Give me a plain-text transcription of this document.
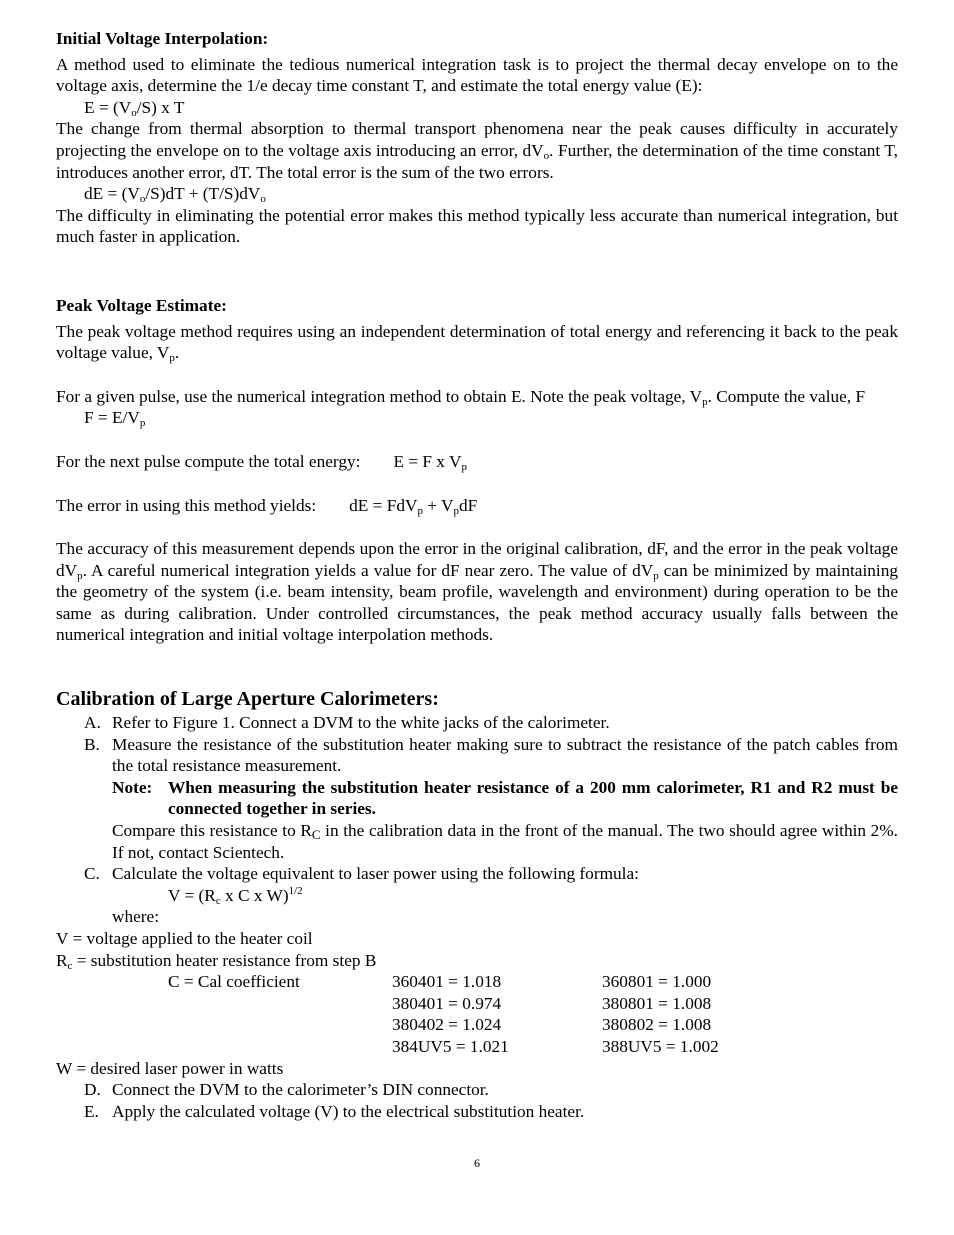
Initial Voltage Interpolation:

A method used to eliminate the tedious numerical integration task is to project the thermal decay envelope on to the voltage axis, determine the 1/e decay time constant T, and estimate the total energy value (E):

$E = (V_o/S)$ x T

The change from thermal absorption to thermal transport phenomena near the peak causes difficulty in accurately projecting the envelope on to the voltage axis introducing an error, $dV_o$. Further, the determination of the time constant T, introduces another error, dT. The total error is the sum of the two errors.

dE = $(V_o/S)dT + (T/S)dV_o$

The difficulty in eliminating the potential error makes this method typically less accurate than numerical integration, but much faster in application.

Peak Voltage Estimate:

The peak voltage method requires using an independent determination of total energy and referencing it back to the peak voltage value, $V_p$.

For a given pulse, use the numerical integration method to obtain E. Note the peak voltage, $V_p$. Compute the value, F

$F = E/V_p$

For the next pulse compute the total energy: E = F x $V_p$

The error in using this method yields: dE = $FdV_p + V_pdF$

The accuracy of this measurement depends upon the error in the original calibration, dF, and the error in the peak voltage $dV_p$. A careful numerical integration yields a value for dF near zero. The value of $dV_p$ can be minimized by maintaining the geometry of the system (i.e. beam intensity, beam profile, wavelength and environment) during operation to be the same as during calibration. Under controlled circumstances, the peak method accuracy usually falls between the numerical integration and initial voltage interpolation methods.

Calibration of Large Aperture Calorimeters:

A. Refer to Figure 1. Connect a DVM to the white jacks of the calorimeter.
B. Measure the resistance of the substitution heater making sure to subtract the resistance of the patch cables from the total resistance measurement.
Note: When measuring the substitution heater resistance of a 200 mm calorimeter, R1 and R2 must be connected together in series.

Compare this resistance to $R_C$ in the calibration data in the front of the manual. The two should agree within 2%. If not, contact Scientech.

C. Calculate the voltage equivalent to laser power using the following formula:

$V = (R_c$ x C x W)$^{1/2}$

where:

V = voltage applied to the heater coil

$R_c$ = substitution heater resistance from step B

C = Cal coefficient	360401 = 1.018	360801 = 1.000
380401 = 0.974	380801 = 1.008
380402 = 1.024	380802 = 1.008
384UV5 = 1.021	388UV5 = 1.002

W = desired laser power in watts

D. Connect the DVM to the calorimeter’s DIN connector.
E. Apply the calculated voltage (V) to the electrical substitution heater.
6
